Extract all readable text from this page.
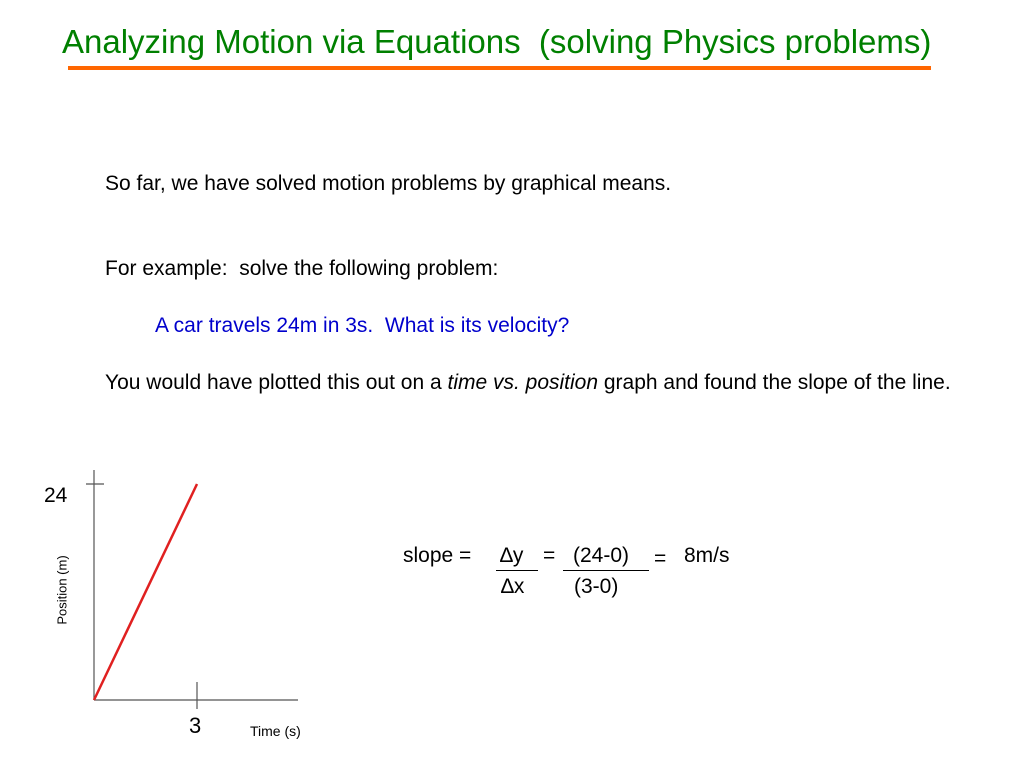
Analyzing Motion via Equations  (solving Physics problems)
So far, we have solved motion problems by graphical means.
For example:  solve the following problem:
A car travels 24m in 3s.  What is its velocity?
You would have plotted this out on a time vs. position graph and found the slope of the line.
Position (m)
Time (s)
24
3
slope = ∆y = (24-0) = 8m/s
∆x (3-0)
